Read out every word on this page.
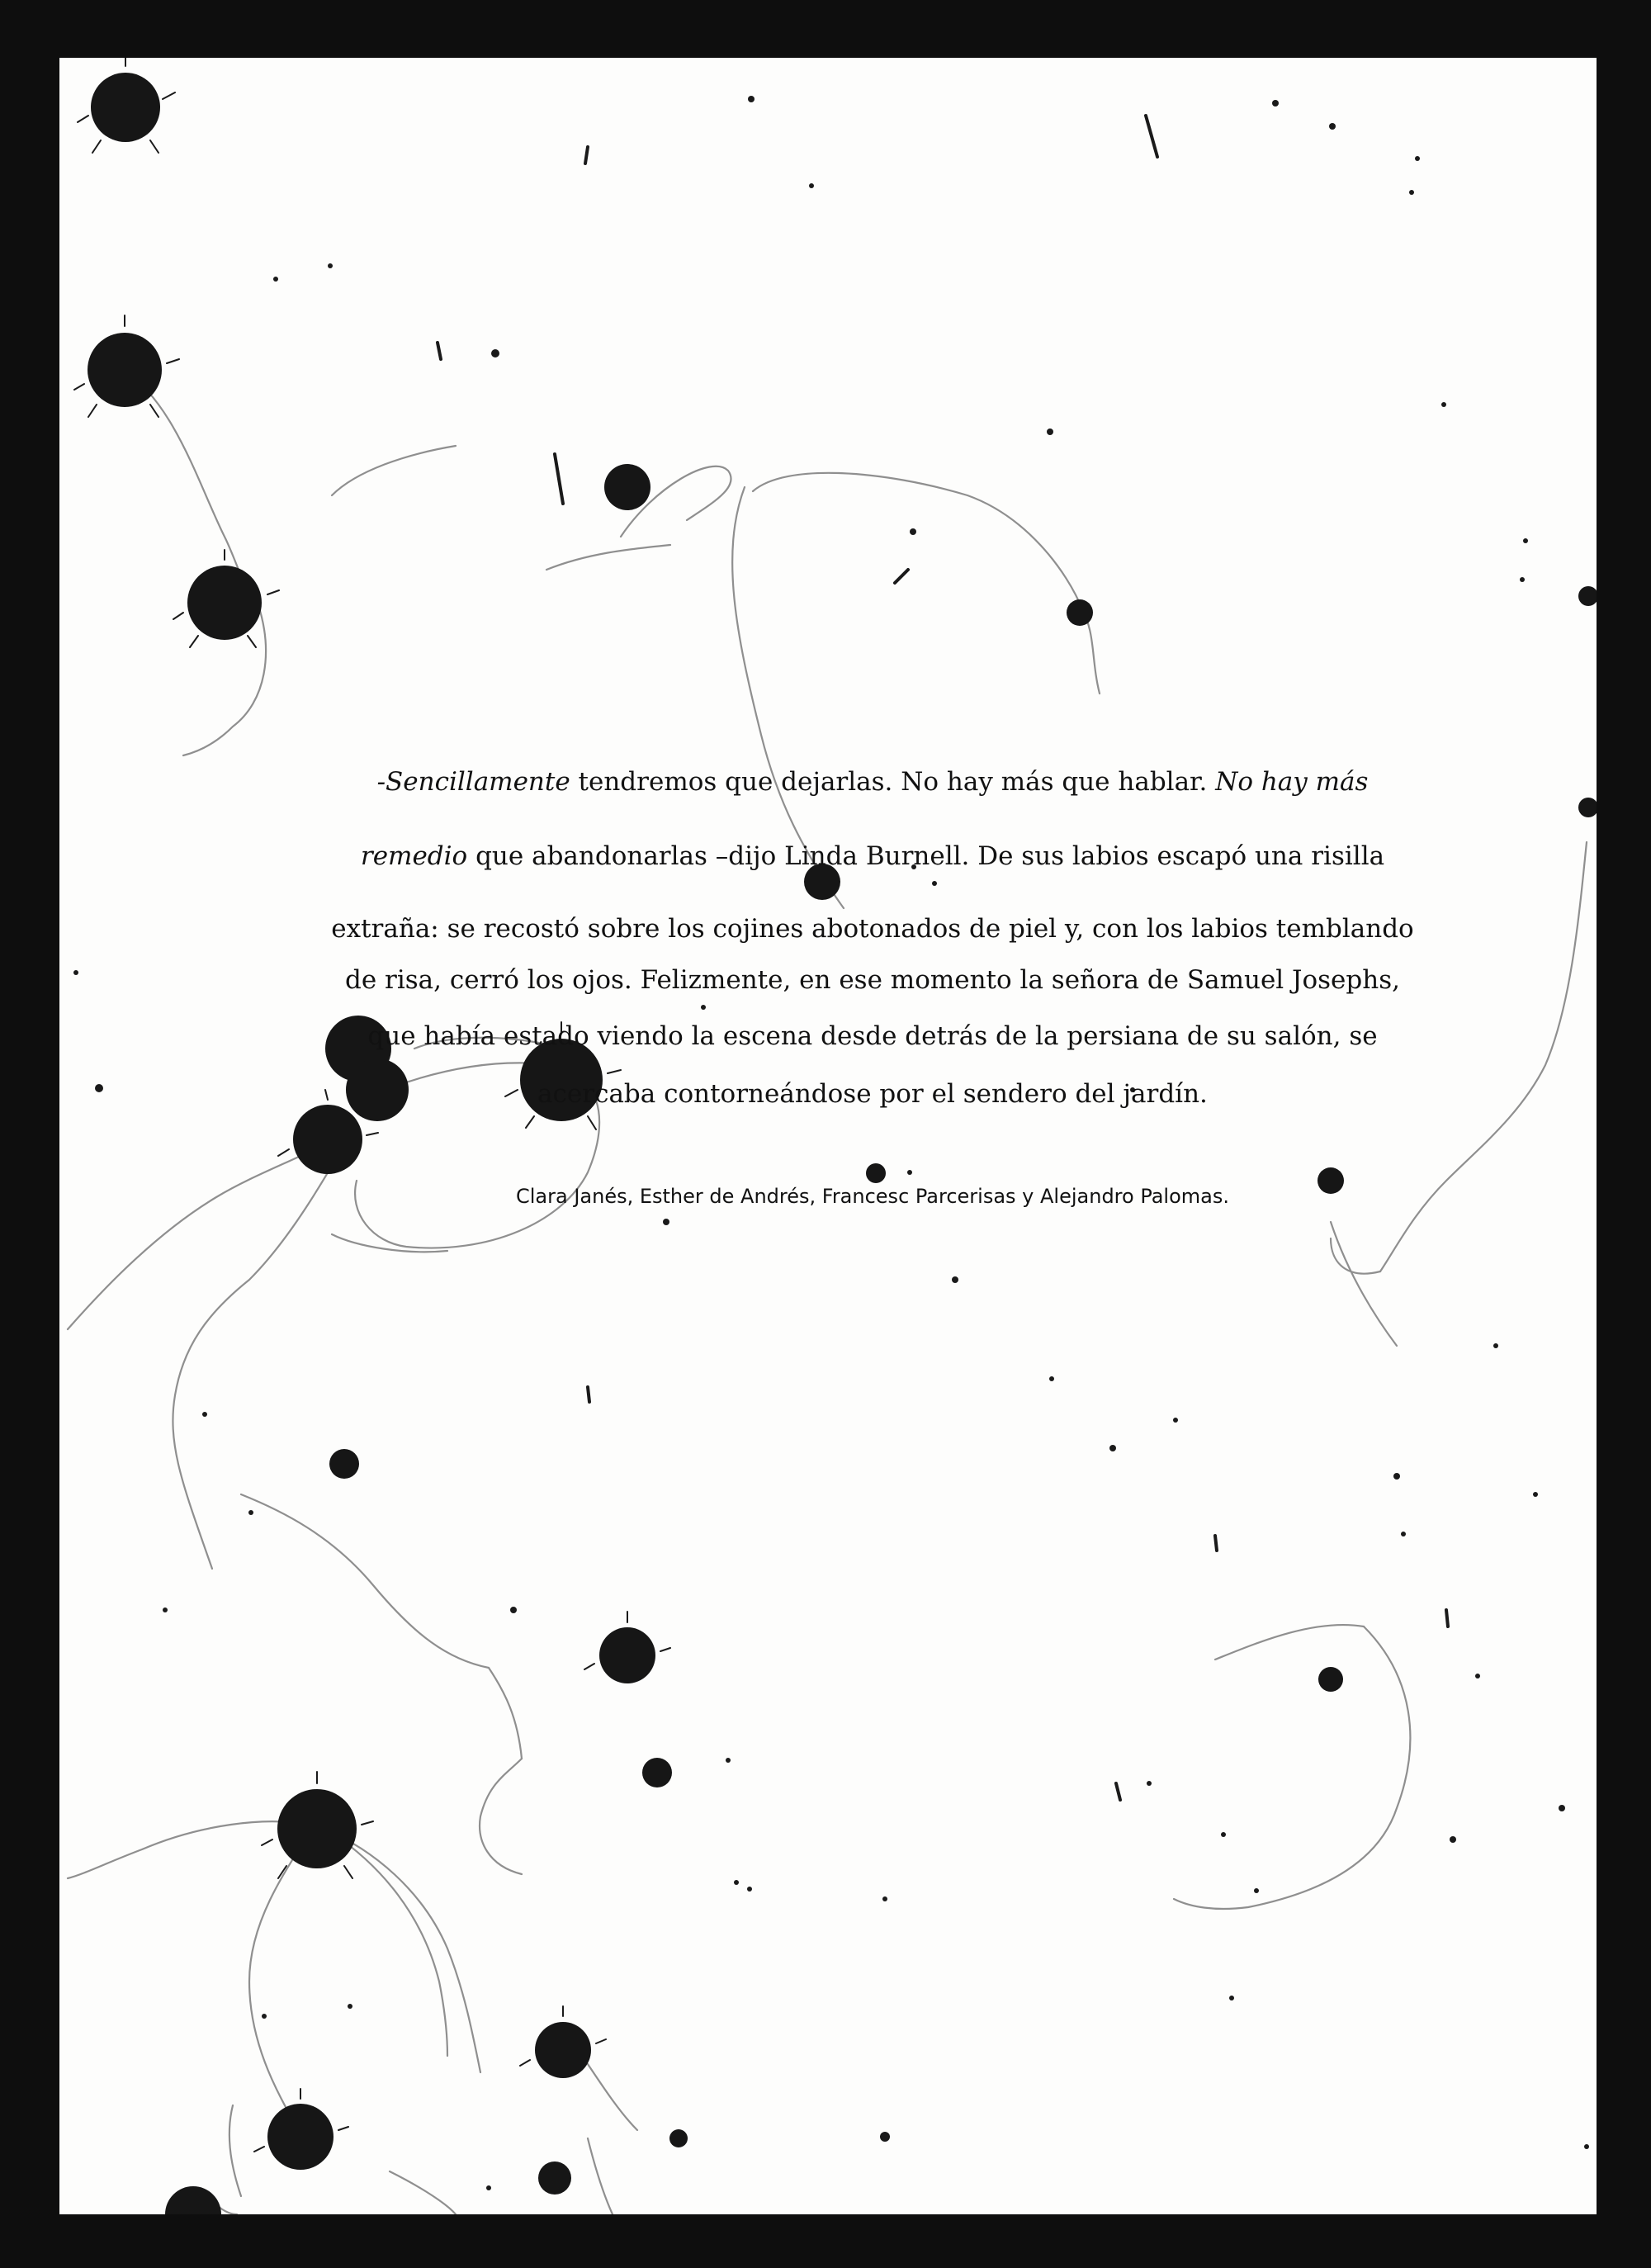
-Sencillamente tendremos que dejarlas. No hay más que hablar. No hay más
remedio que abandonarlas –dijo Linda Burnell. De sus labios escapó una risilla
extraña: se recostó sobre los cojines abotonados de piel y, con los labios temblando
de risa, cerró los ojos. Felizmente, en ese momento la señora de Samuel Josephs,
que había estado viendo la escena desde detrás de la persiana de su salón, se
acercaba contorneándose por el sendero del jardín.
Clara Janés, Esther de Andrés, Francesc Parcerisas y Alejandro Palomas.
